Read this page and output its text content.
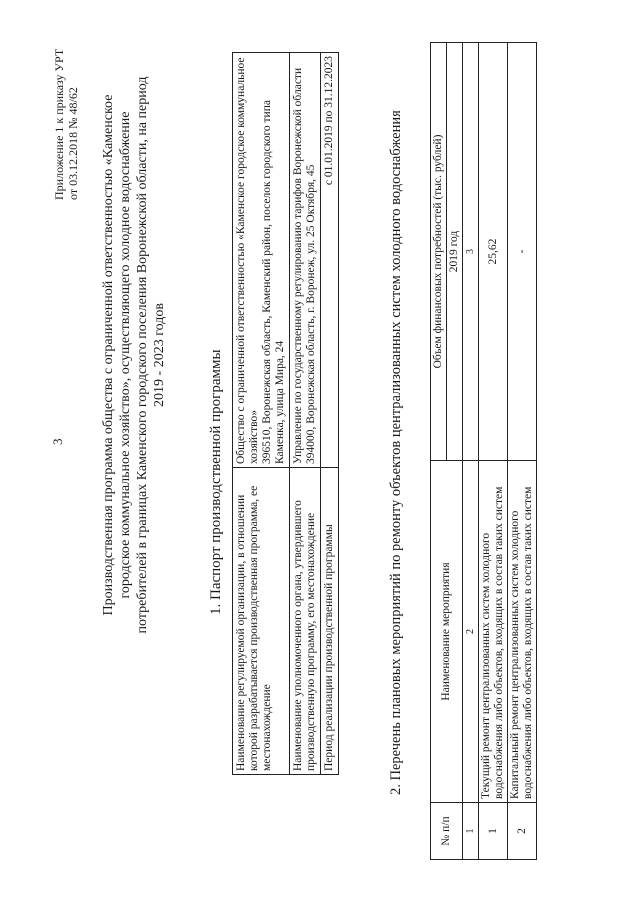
3
Приложение 1 к приказу УРТ от 03.12.2018 № 48/62 Производственная программа общества с ограниченной ответственностью «Каменское городское коммунальное хозяйство», осуществляющего холодное водоснабжение потребителей в границах Каменского городского поселения Воронежской области, на период 2019 - 2023 годов	1. Паспорт производственной программы
Наименование регулируемой организации, в отношении которой разрабатывается производственная программа, ее местонахождение	Общество с ограниченной ответственностью «Каменское городское коммунальное хозяйство» 396510, Воронежская область, Каменский район, поселок городского типа Каменка, улица Мира, 24

Наименование уполномоченного органа, утвердившего производственную программу, его местонахождение	Управление по государственному регулированию тарифов Воронежской области 394000, Воронежская область, г. Воронеж, ул. 25 Октября, 45

Период реализации производственной программы	с 01.01.2019 по 31.12.2023	2. Перечень плановых мероприятий по ремонту объектов централизованных систем холодного водоснабжения
№ п/п	Наименование мероприятия	Объем финансовых потребностей (тыс. рублей)
		2019 год
1	2	3
1	Текущий ремонт централизованных систем холодного водоснабжения либо объектов, входящих в состав таких систем	25,62
2	Капитальный ремонт централизованных систем холодного водоснабжения либо объектов, входящих в состав таких систем	-
